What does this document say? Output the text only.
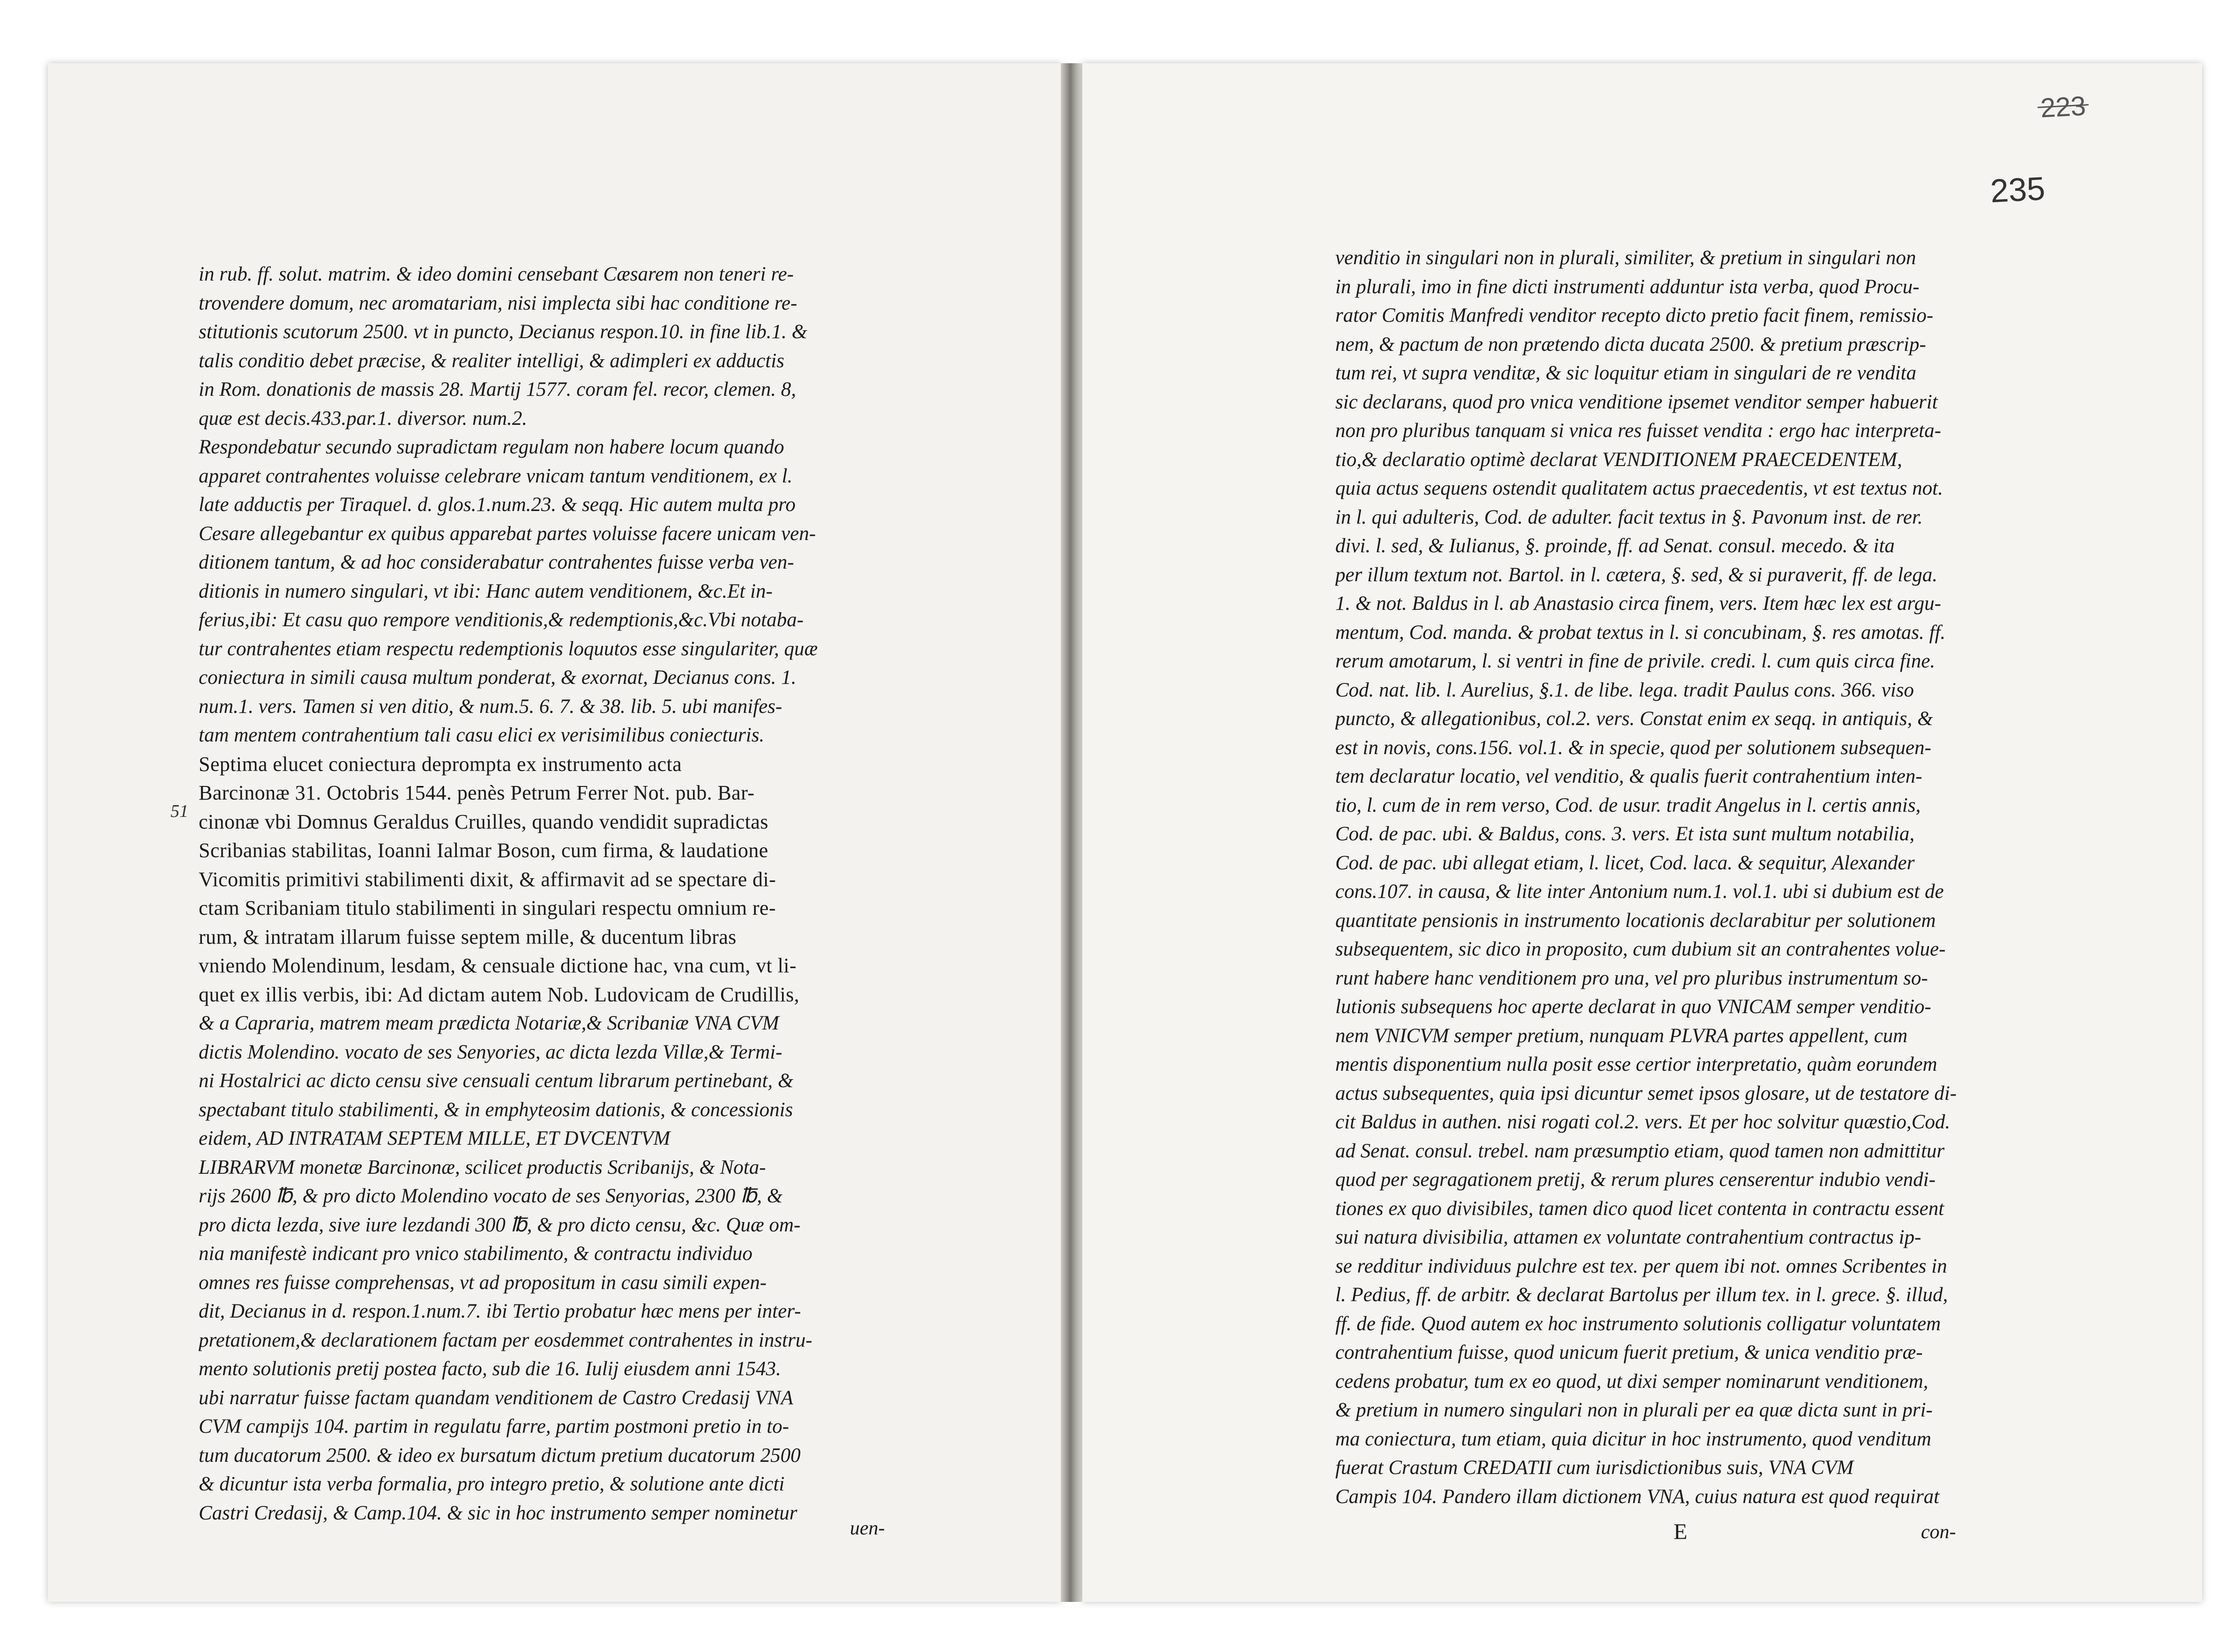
in rub. ff. solut. matrim. & ideo domini censebant Cæsarem non teneri re-
trovendere domum, nec aromatariam, nisi implecta sibi hac conditione re-
stitutionis scutorum 2500. vt in puncto, Decianus respon.10. in fine lib.1. &
talis conditio debet præcise, & realiter intelligi, & adimpleri ex adductis
in Rom. donationis de massis 28. Martij 1577. coram fel. recor, clemen. 8,
quæ est decis.433.par.1. diversor. num.2.
Respondebatur secundo supradictam regulam non habere locum quando
apparet contrahentes voluisse celebrare vnicam tantum venditionem, ex l.
late adductis per Tiraquel. d. glos.1.num.23. & seqq. Hic autem multa pro
Cesare allegebantur ex quibus apparebat partes voluisse facere unicam ven-
ditionem tantum, & ad hoc considerabatur contrahentes fuisse verba ven-
ditionis in numero singulari, vt ibi: Hanc autem venditionem, &c.Et in-
ferius,ibi: Et casu quo rempore venditionis,& redemptionis,&c.Vbi notaba-
tur contrahentes etiam respectu redemptionis loquutos esse singulariter, quæ
coniectura in simili causa multum ponderat, & exornat, Decianus cons. 1.
num.1. vers. Tamen si ven ditio, & num.5. 6. 7. & 38. lib. 5. ubi manifes-
tam mentem contrahentium tali casu elici ex verisimilibus coniecturis.
Septima elucet coniectura deprompta ex instrumento acta
Barcinonæ 31. Octobris 1544. penès Petrum Ferrer Not. pub. Bar-
cinonæ vbi Domnus Geraldus Cruilles, quando vendidit supradictas
Scribanias stabilitas, Ioanni Ialmar Boson, cum firma, & laudatione
Vicomitis primitivi stabilimenti dixit, & affirmavit ad se spectare di-
ctam Scribaniam titulo stabilimenti in singulari respectu omnium re-
rum, & intratam illarum fuisse septem mille, & ducentum libras
vniendo Molendinum, lesdam, & censuale dictione hac, vna cum, vt li-
quet ex illis verbis, ibi: Ad dictam autem Nob. Ludovicam de Crudillis,
& a Capraria, matrem meam prædicta Notariæ,& Scribaniæ VNA CVM
dictis Molendino. vocato de ses Senyories, ac dicta lezda Villæ,& Termi-
ni Hostalrici ac dicto censu sive censuali centum librarum pertinebant, &
spectabant titulo stabilimenti, & in emphyteosim dationis, & concessionis
eidem, AD INTRATAM SEPTEM MILLE, ET DVCENTVM
LIBRARVM monetæ Barcinonæ, scilicet productis Scribanijs, & Nota-
rijs 2600 ℔, & pro dicto Molendino vocato de ses Senyorias, 2300 ℔, &
pro dicta lezda, sive iure lezdandi 300 ℔, & pro dicto censu, &c. Quæ om-
nia manifestè indicant pro vnico stabilimento, & contractu individuo
omnes res fuisse comprehensas, vt ad propositum in casu simili expen-
dit, Decianus in d. respon.1.num.7. ibi Tertio probatur hæc mens per inter-
pretationem,& declarationem factam per eosdemmet contrahentes in instru-
mento solutionis pretij postea facto, sub die 16. Iulij eiusdem anni 1543.
ubi narratur fuisse factam quandam venditionem de Castro Credasij VNA
CVM campijs 104. partim in regulatu farre, partim postmoni pretio in to-
tum ducatorum 2500. & ideo ex bursatum dictum pretium ducatorum 2500
& dicuntur ista verba formalia, pro integro pretio, & solutione ante dicti
Castri Credasij, & Camp.104. & sic in hoc instrumento semper nominetur
51
uen-
223
235
venditio in singulari non in plurali, similiter, & pretium in singulari non
in plurali, imo in fine dicti instrumenti adduntur ista verba, quod Procu-
rator Comitis Manfredi venditor recepto dicto pretio facit finem, remissio-
nem, & pactum de non prætendo dicta ducata 2500. & pretium præscrip-
tum rei, vt supra venditæ, & sic loquitur etiam in singulari de re vendita
sic declarans, quod pro vnica venditione ipsemet venditor semper habuerit
non pro pluribus tanquam si vnica res fuisset vendita : ergo hac interpreta-
tio,& declaratio optimè declarat VENDITIONEM PRAECEDENTEM,
quia actus sequens ostendit qualitatem actus praecedentis, vt est textus not.
in l. qui adulteris, Cod. de adulter. facit textus in §. Pavonum inst. de rer.
divi. l. sed, & Iulianus, §. proinde, ff. ad Senat. consul. mecedo. & ita
per illum textum not. Bartol. in l. cætera, §. sed, & si puraverit, ff. de lega.
1. & not. Baldus in l. ab Anastasio circa finem, vers. Item hæc lex est argu-
mentum, Cod. manda. & probat textus in l. si concubinam, §. res amotas. ff.
rerum amotarum, l. si ventri in fine de privile. credi. l. cum quis circa fine.
Cod. nat. lib. l. Aurelius, §.1. de libe. lega. tradit Paulus cons. 366. viso
puncto, & allegationibus, col.2. vers. Constat enim ex seqq. in antiquis, &
est in novis, cons.156. vol.1. & in specie, quod per solutionem subsequen-
tem declaratur locatio, vel venditio, & qualis fuerit contrahentium inten-
tio, l. cum de in rem verso, Cod. de usur. tradit Angelus in l. certis annis,
Cod. de pac. ubi. & Baldus, cons. 3. vers. Et ista sunt multum notabilia,
Cod. de pac. ubi allegat etiam, l. licet, Cod. laca. & sequitur, Alexander
cons.107. in causa, & lite inter Antonium num.1. vol.1. ubi si dubium est de
quantitate pensionis in instrumento locationis declarabitur per solutionem
subsequentem, sic dico in proposito, cum dubium sit an contrahentes volue-
runt habere hanc venditionem pro una, vel pro pluribus instrumentum so-
lutionis subsequens hoc aperte declarat in quo VNICAM semper venditio-
nem VNICVM semper pretium, nunquam PLVRA partes appellent, cum
mentis disponentium nulla posit esse certior interpretatio, quàm eorundem
actus subsequentes, quia ipsi dicuntur semet ipsos glosare, ut de testatore di-
cit Baldus in authen. nisi rogati col.2. vers. Et per hoc solvitur quæstio,Cod.
ad Senat. consul. trebel. nam præsumptio etiam, quod tamen non admittitur
quod per segragationem pretij, & rerum plures censerentur indubio vendi-
tiones ex quo divisibiles, tamen dico quod licet contenta in contractu essent
sui natura divisibilia, attamen ex voluntate contrahentium contractus ip-
se redditur individuus pulchre est tex. per quem ibi not. omnes Scribentes in
l. Pedius, ff. de arbitr. & declarat Bartolus per illum tex. in l. grece. §. illud,
ff. de fide. Quod autem ex hoc instrumento solutionis colligatur voluntatem
contrahentium fuisse, quod unicum fuerit pretium, & unica venditio præ-
cedens probatur, tum ex eo quod, ut dixi semper nominarunt venditionem,
& pretium in numero singulari non in plurali per ea quæ dicta sunt in pri-
ma coniectura, tum etiam, quia dicitur in hoc instrumento, quod venditum
fuerat Crastum CREDATII cum iurisdictionibus suis, VNA CVM
Campis 104. Pandero illam dictionem VNA, cuius natura est quod requirat
E	con-
